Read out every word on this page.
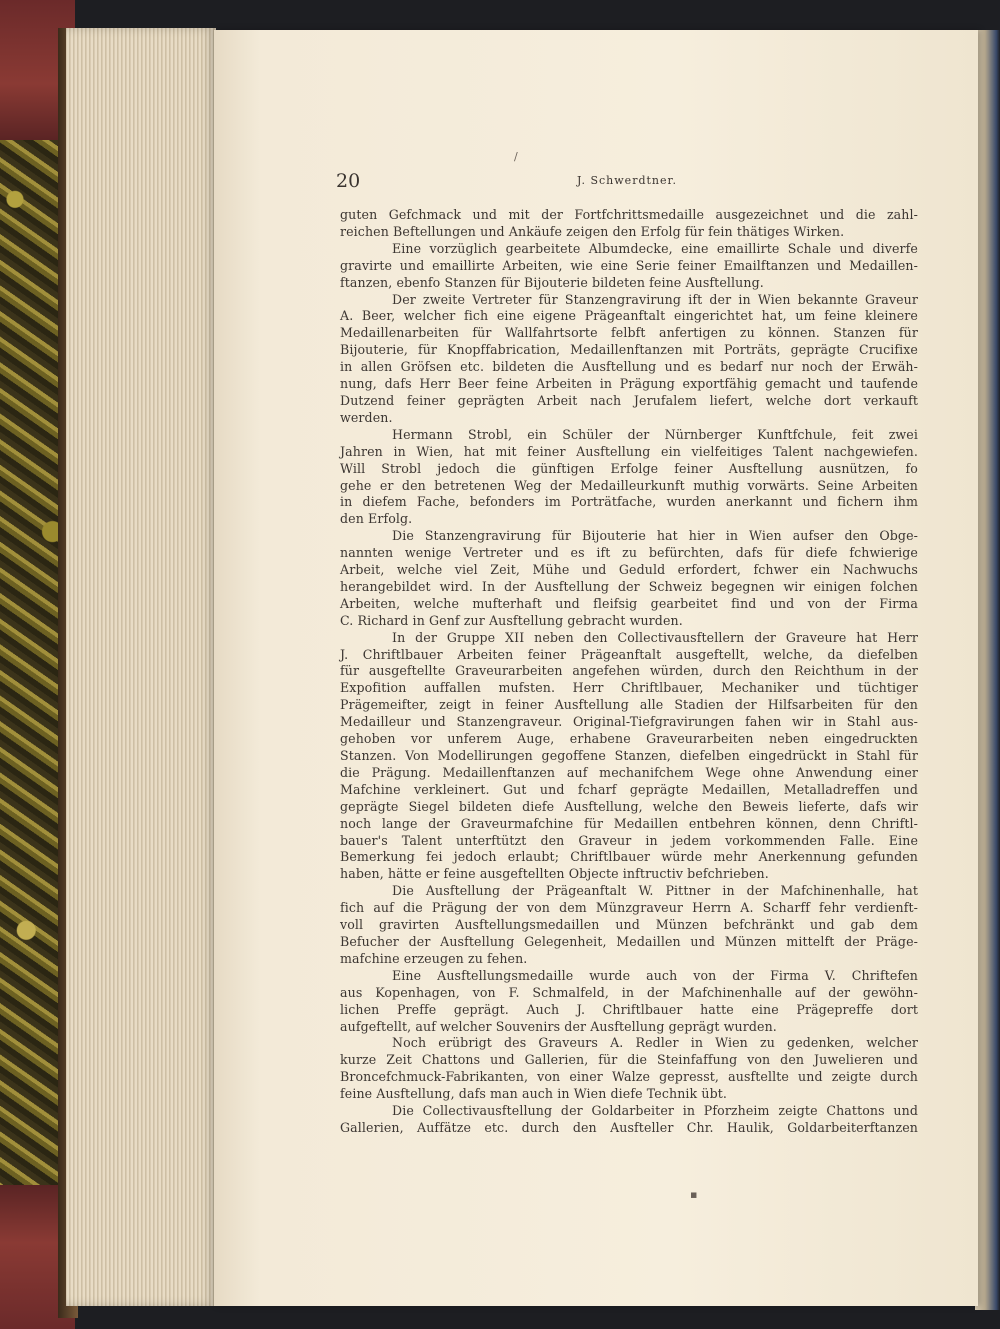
20	J. Schwerdtner.

guten Gefchmack und mit der Fortfchrittsmedaille ausgezeichnet und die zahl-

reichen Beftellungen und Ankäufe zeigen den Erfolg für fein thätiges Wirken.

Eine vorzüglich gearbeitete Albumdecke, eine emaillirte Schale und diverfe

gravirte und emaillirte Arbeiten, wie eine Serie feiner Emailftanzen und Medaillen-

ftanzen, ebenfo Stanzen für Bijouterie bildeten feine Ausftellung.

Der zweite Vertreter für Stanzengravirung ift der in Wien bekannte Graveur

A. Beer, welcher fich eine eigene Prägeanftalt eingerichtet hat, um feine kleinere

Medaillenarbeiten für Wallfahrtsorte felbft anfertigen zu können. Stanzen für

Bijouterie, für Knopffabrication, Medaillenftanzen mit Porträts, geprägte Crucifixe

in allen Gröfsen etc. bildeten die Ausftellung und es bedarf nur noch der Erwäh-

nung, dafs Herr Beer feine Arbeiten in Prägung exportfähig gemacht und taufende

Dutzend feiner geprägten Arbeit nach Jerufalem liefert, welche dort verkauft

werden.

Hermann Strobl, ein Schüler der Nürnberger Kunftfchule, feit zwei

Jahren in Wien, hat mit feiner Ausftellung ein vielfeitiges Talent nachgewiefen.

Will Strobl jedoch die günftigen Erfolge feiner Ausftellung ausnützen, fo

gehe er den betretenen Weg der Medailleurkunft muthig vorwärts. Seine Arbeiten

in diefem Fache, befonders im Porträtfache, wurden anerkannt und fichern ihm

den Erfolg.

Die Stanzengravirung für Bijouterie hat hier in Wien aufser den Obge-

nannten wenige Vertreter und es ift zu befürchten, dafs für diefe fchwierige

Arbeit, welche viel Zeit, Mühe und Geduld erfordert, fchwer ein Nachwuchs

herangebildet wird. In der Ausftellung der Schweiz begegnen wir einigen folchen

Arbeiten, welche mufterhaft und fleifsig gearbeitet find und von der Firma

C. Richard in Genf zur Ausftellung gebracht wurden.

In der Gruppe XII neben den Collectivausftellern der Graveure hat Herr

J. Chriftlbauer Arbeiten feiner Prägeanftalt ausgeftellt, welche, da diefelben

für ausgeftellte Graveurarbeiten angefehen würden, durch den Reichthum in der

Expofition auffallen mufsten. Herr Chriftlbauer, Mechaniker und tüchtiger

Prägemeifter, zeigt in feiner Ausftellung alle Stadien der Hilfsarbeiten für den

Medailleur und Stanzengraveur. Original-Tiefgravirungen fahen wir in Stahl aus-

gehoben vor unferem Auge, erhabene Graveurarbeiten neben eingedruckten

Stanzen. Von Modellirungen gegoffene Stanzen, diefelben eingedrückt in Stahl für

die Prägung. Medaillenftanzen auf mechanifchem Wege ohne Anwendung einer

Mafchine verkleinert. Gut und fcharf geprägte Medaillen, Metalladreffen und

geprägte Siegel bildeten diefe Ausftellung, welche den Beweis lieferte, dafs wir

noch lange der Graveurmafchine für Medaillen entbehren können, denn Chriftl-

bauer's Talent unterftützt den Graveur in jedem vorkommenden Falle. Eine

Bemerkung fei jedoch erlaubt; Chriftlbauer würde mehr Anerkennung gefunden

haben, hätte er feine ausgeftellten Objecte inftructiv befchrieben.

Die Ausftellung der Prägeanftalt W. Pittner in der Mafchinenhalle, hat

fich auf die Prägung der von dem Münzgraveur Herrn A. Scharff fehr verdienft-

voll gravirten Ausftellungsmedaillen und Münzen befchränkt und gab dem

Befucher der Ausftellung Gelegenheit, Medaillen und Münzen mittelft der Präge-

mafchine erzeugen zu fehen.

Eine Ausftellungsmedaille wurde auch von der Firma V. Chriftefen

aus Kopenhagen, von F. Schmalfeld, in der Mafchinenhalle auf der gewöhn-

lichen Preffe geprägt. Auch J. Chriftlbauer hatte eine Prägepreffe dort

aufgeftellt, auf welcher Souvenirs der Ausftellung geprägt wurden.

Noch erübrigt des Graveurs A. Redler in Wien zu gedenken, welcher

kurze Zeit Chattons und Gallerien, für die Steinfaffung von den Juwelieren und

Broncefchmuck-Fabrikanten, von einer Walze gepresst, ausftellte und zeigte durch

feine Ausftellung, dafs man auch in Wien diefe Technik übt.

Die Collectivausftellung der Goldarbeiter in Pforzheim zeigte Chattons und

Gallerien, Auffätze etc. durch den Ausfteller Chr. Haulik, Goldarbeiterftanzen

/
▪
